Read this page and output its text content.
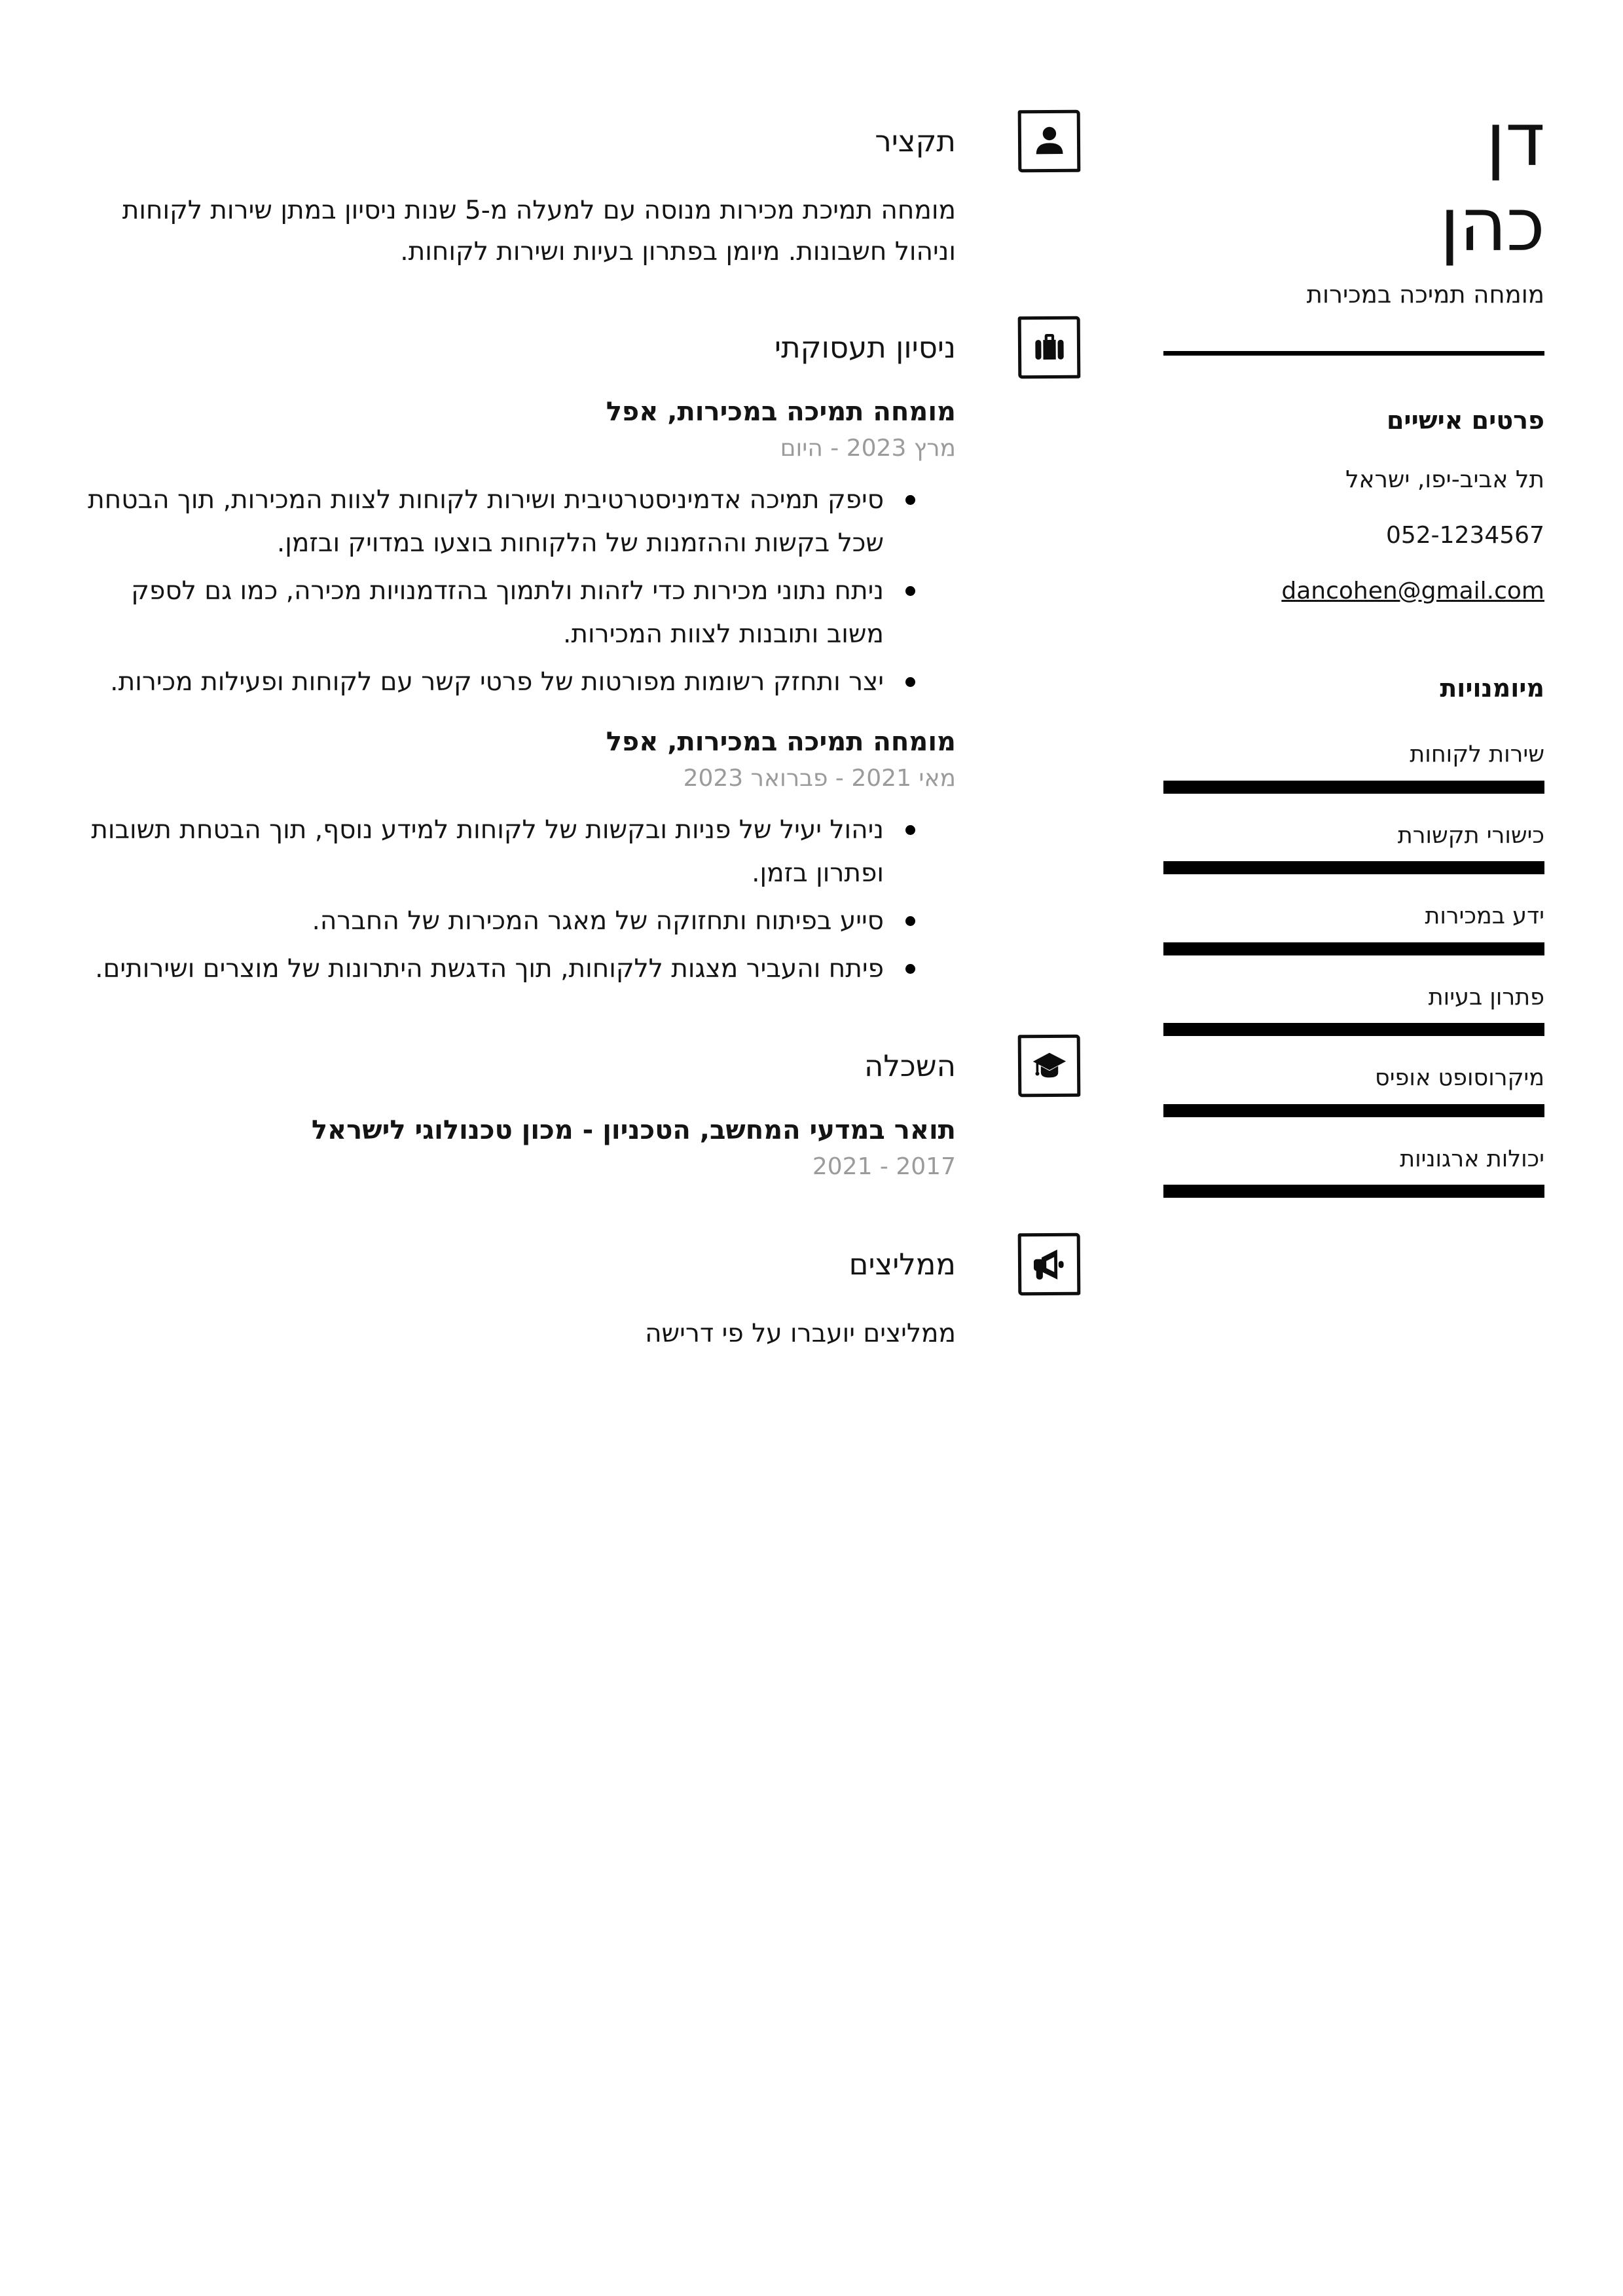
דן
כהן
מומחה תמיכה במכירות
פרטים אישיים
תל אביב-יפו, ישראל
052-1234567
dancohen@gmail.com
מיומנויות
שירות לקוחות
כישורי תקשורת
ידע במכירות
פתרון בעיות
מיקרוסופט אופיס
יכולות ארגוניות
תקציר

מומחה תמיכת מכירות מנוסה עם למעלה מ-5 שנות ניסיון במתן שירות לקוחות וניהול חשבונות. מיומן בפתרון בעיות ושירות לקוחות.

ניסיון תעסוקתי
מומחה תמיכה במכירות, אפל
מרץ 2023 - היום
סיפק תמיכה אדמיניסטרטיבית ושירות לקוחות לצוות המכירות, תוך הבטחת שכל בקשות וההזמנות של הלקוחות בוצעו במדויק ובזמן.
ניתח נתוני מכירות כדי לזהות ולתמוך בהזדמנויות מכירה, כמו גם לספק משוב ותובנות לצוות המכירות.
יצר ותחזק רשומות מפורטות של פרטי קשר עם לקוחות ופעילות מכירות.
מומחה תמיכה במכירות, אפל
מאי 2021 - פברואר 2023
ניהול יעיל של פניות ובקשות של לקוחות למידע נוסף, תוך הבטחת תשובות ופתרון בזמן.
סייע בפיתוח ותחזוקה של מאגר המכירות של החברה.
פיתח והעביר מצגות ללקוחות, תוך הדגשת היתרונות של מוצרים ושירותים.
השכלה
תואר במדעי המחשב, הטכניון - מכון טכנולוגי לישראל
2017 - 2021
ממליצים

ממליצים יועברו על פי דרישה
